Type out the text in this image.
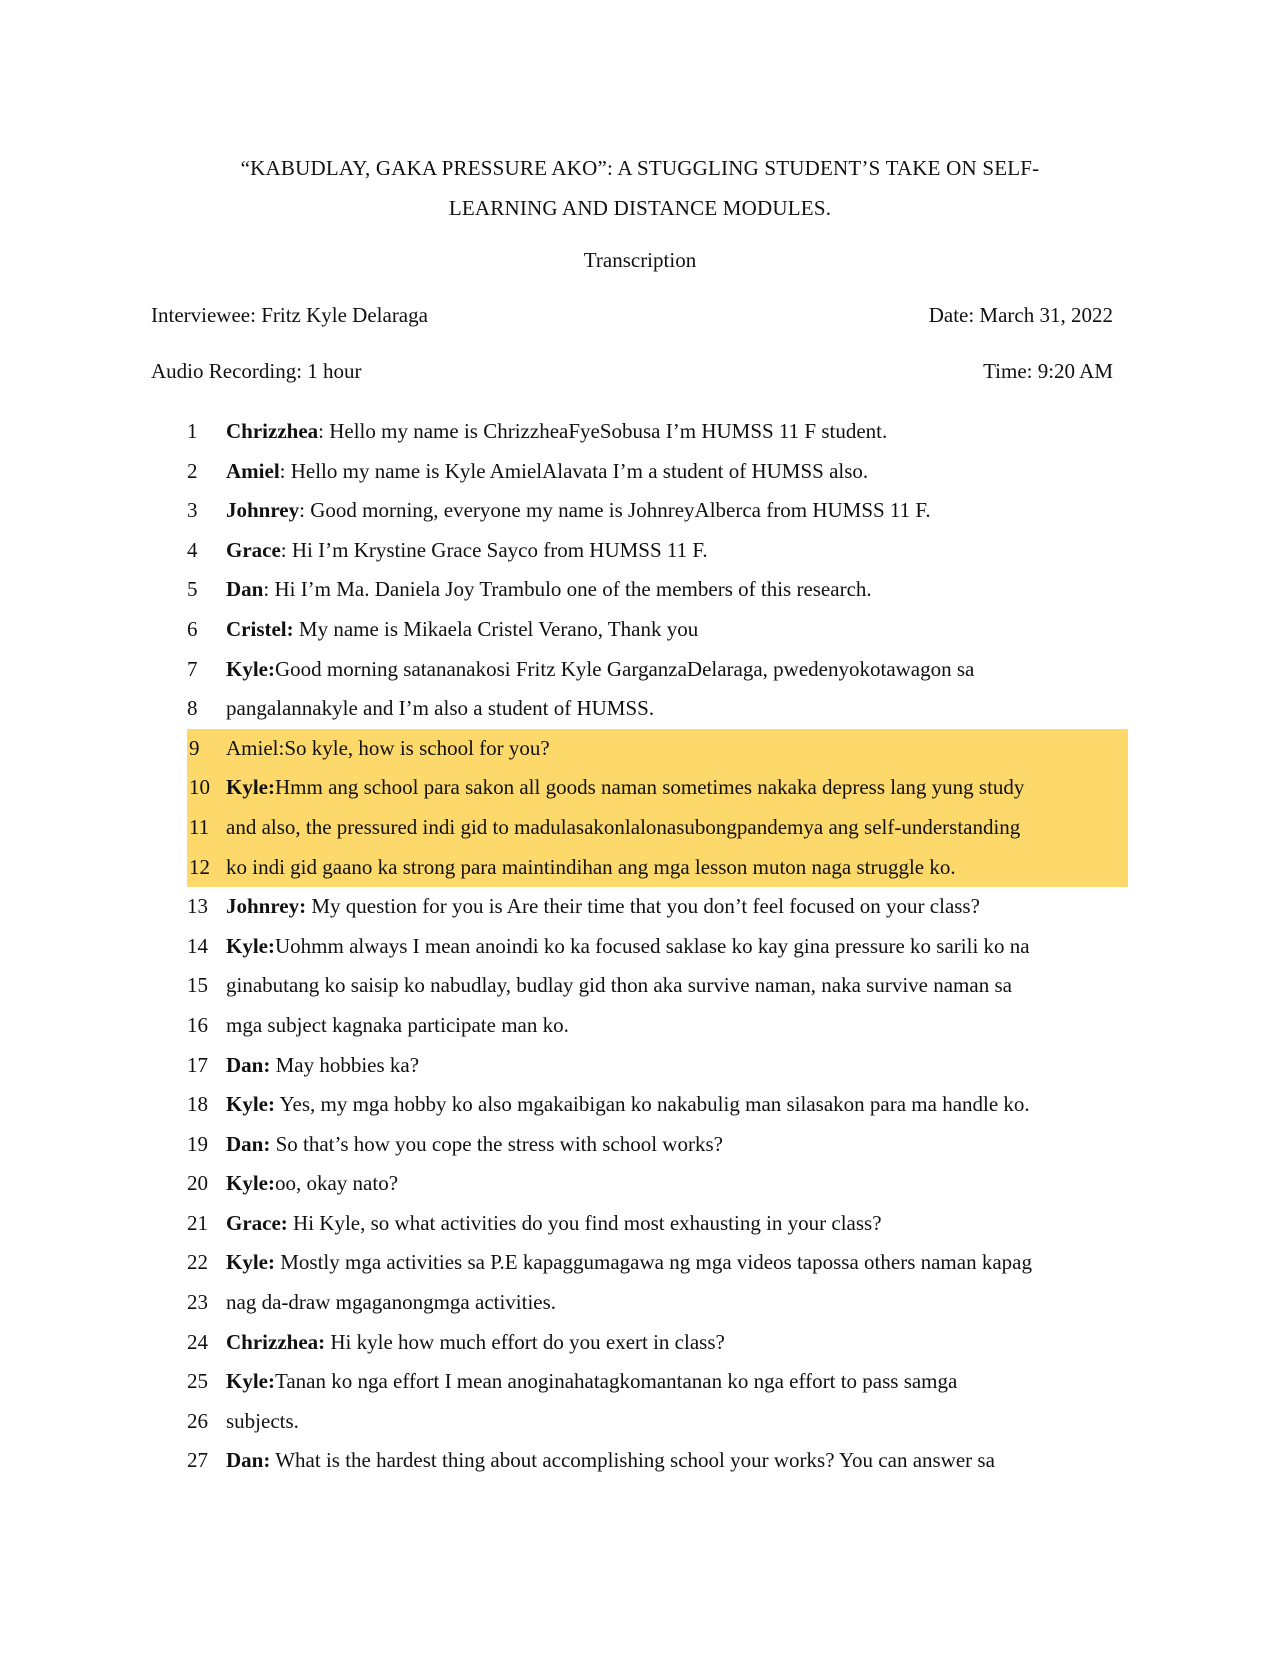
“KABUDLAY, GAKA PRESSURE AKO”: A STUGGLING STUDENT’S TAKE ON SELF-
LEARNING AND DISTANCE MODULES.
Transcription
Interviewee: Fritz Kyle Delaraga	Date: March 31, 2022
Audio Recording: 1 hour	Time: 9:20 AM
1	Chrizzhea: Hello my name is ChrizzheaFyeSobusa I’m HUMSS 11 F student.
2	Amiel: Hello my name is Kyle AmielAlavata I’m a student of HUMSS also.
3	Johnrey: Good morning, everyone my name is JohnreyAlberca from HUMSS 11 F.
4	Grace: Hi I’m Krystine Grace Sayco from HUMSS 11 F.
5	Dan: Hi I’m Ma. Daniela Joy Trambulo one of the members of this research.
6	Cristel: My name is Mikaela Cristel Verano, Thank you
7	Kyle:Good morning satananakosi Fritz Kyle GarganzaDelaraga, pwedenyokotawagon sa
8	pangalannakyle and I’m also a student of HUMSS.
9	Amiel:So kyle, how is school for you?
10 Kyle:Hmm ang school para sakon all goods naman sometimes nakaka depress lang yung study
11 and also, the pressured indi gid to madulasakonlalonasubongpandemya ang self-understanding
12 ko indi gid gaano ka strong para maintindihan ang mga lesson muton naga struggle ko.
13 Johnrey: My question for you is Are their time that you don’t feel focused on your class?
14 Kyle:Uohmm always I mean anoindi ko ka focused saklase ko kay gina pressure ko sarili ko na
15 ginabutang ko saisip ko nabudlay, budlay gid thon aka survive naman, naka survive naman sa
16 mga subject kagnaka participate man ko.
17 Dan: May hobbies ka?
18 Kyle: Yes, my mga hobby ko also mgakaibigan ko nakabulig man silasakon para ma handle ko.
19 Dan: So that’s how you cope the stress with school works?
20 Kyle:oo, okay nato?
21 Grace: Hi Kyle, so what activities do you find most exhausting in your class?
22 Kyle: Mostly mga activities sa P.E kapaggumagawa ng mga videos tapossa others naman kapag
23 nag da-draw mgaganongmga activities.
24 Chrizzhea: Hi kyle how much effort do you exert in class?
25 Kyle:Tanan ko nga effort I mean anoginahatagkomantanan ko nga effort to pass samga
26 subjects.
27 Dan: What is the hardest thing about accomplishing school your works? You can answer sa
